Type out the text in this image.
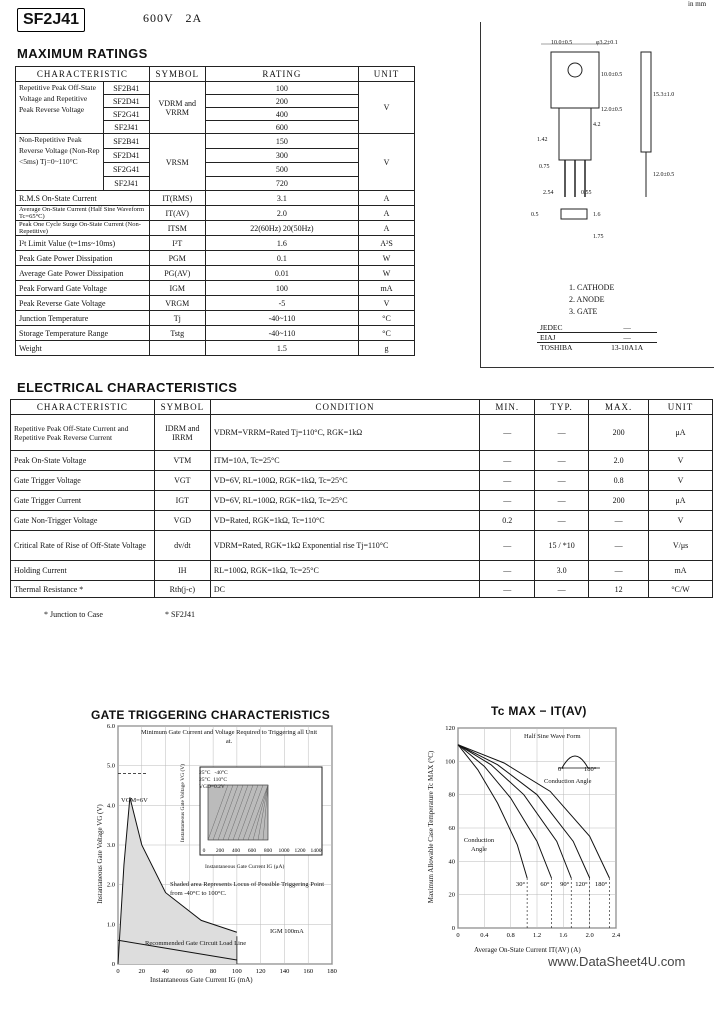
in mm
SF2J41	600V 2A
MAXIMUM RATINGS
CHARACTERISTIC		SYMBOL	RATING	UNIT
Repetitive Peak Off-State Voltage and Repetitive Peak Reverse Voltage	SF2B41	VDRM and VRRM	100	V
	SF2D41		200	
	SF2G41		400	
	SF2J41		600	
Non-Repetitive Peak Reverse Voltage (Non-Rep <5ms) Tj=0~110°C	SF2B41	VRSM	150	V
	SF2D41		300	
	SF2G41		500	
	SF2J41		720	
R.M.S On-State Current		IT(RMS)	3.1	A
Average On-State Current (Half Sine Waveform Tc=65°C)		IT(AV)	2.0	A
Peak One Cycle Surge On-State Current (Non-Repetitive)		ITSM	22(60Hz) 20(50Hz)	A
I²t Limit Value (t=1ms~10ms)		I²T	1.6	A²S
Peak Gate Power Dissipation		PGM	0.1	W
Average Gate Power Dissipation		PG(AV)	0.01	W
Peak Forward Gate Voltage		IGM	100	mA
Peak Reverse Gate Voltage		VRGM	-5	V
Junction Temperature		Tj	-40~110	°C
Storage Temperature Range		Tstg	-40~110	°C
Weight			1.5	g
10.0±0.5	φ3.2±0.1
10.0±0.5
12.0±0.5
15.3±1.0
4.2
1.42
0.75
2.54	0.55
0.5	1.6
12.0±0.5
1.75
1. CATHODE
2. ANODE
3. GATE
JEDEC	—
EIAJ	—
TOSHIBA	13-10A1A
ELECTRICAL CHARACTERISTICS
CHARACTERISTIC	SYMBOL	CONDITION	MIN.	TYP.	MAX.	UNIT
Repetitive Peak Off-State Current and Repetitive Peak Reverse Current	IDRM and IRRM	VDRM=VRRM=Rated Tj=110°C, RGK=1kΩ	—	—	200	μA
Peak On-State Voltage	VTM	ITM=10A, Tc=25°C	—	—	2.0	V
Gate Trigger Voltage	VGT	VD=6V, RL=100Ω, RGK=1kΩ, Tc=25°C	—	—	0.8	V
Gate Trigger Current	IGT	VD=6V, RL=100Ω, RGK=1kΩ, Tc=25°C	—	—	200	μA
Gate Non-Trigger Voltage	VGD	VD=Rated, RGK=1kΩ, Tc=110°C	0.2	—	—	V
Critical Rate of Rise of Off-State Voltage	dv/dt	VDRM=Rated, RGK=1kΩ Exponential rise Tj=110°C	—	15 / *10	—	V/μs
Holding Current	IH	RL=100Ω, RGK=1kΩ, Tc=25°C	—	3.0	—	mA
Thermal Resistance *	Rth(j-c)	DC	—	—	12	°C/W
* Junction to Case	* SF2J41
GATE TRIGGERING CHARACTERISTICS
0	20	40	60	80 100 120 140 160 180
0
1.0
2.0
3.0
4.0
5.0
6.0
0 200 400 600 800 1000 1200 1400
Minimum Gate Current and Voltage Required to Triggering all Unit at.
Shaded area Represents Locus of Possible Triggering Point from -40°C to 100°C.
Recommended Gate Circuit Load Line
IGM 100mA
VGM=6V
Instantaneous Gate Current IG (mA)
Instantaneous Gate Voltage VG (V)
25°C -40°C
25°C 110°C
VGD=0.2V
Instantaneous Gate Current IG (μA)
Instantaneous Gate Voltage VG (V)
Tc MAX − IT(AV)
0	0.4	0.8	1.2	1.6	2.0	2.4
0
20
40
60
80
100
120
30° 60° 90° 120° 180°
Half Sine Wave Form
Conduction Angle
Conduction Angle
0°	180°
Average On-State Current IT(AV) (A)
Maximum Allowable Case Temperature Tc MAX (°C)
www.DataSheet4U.com
